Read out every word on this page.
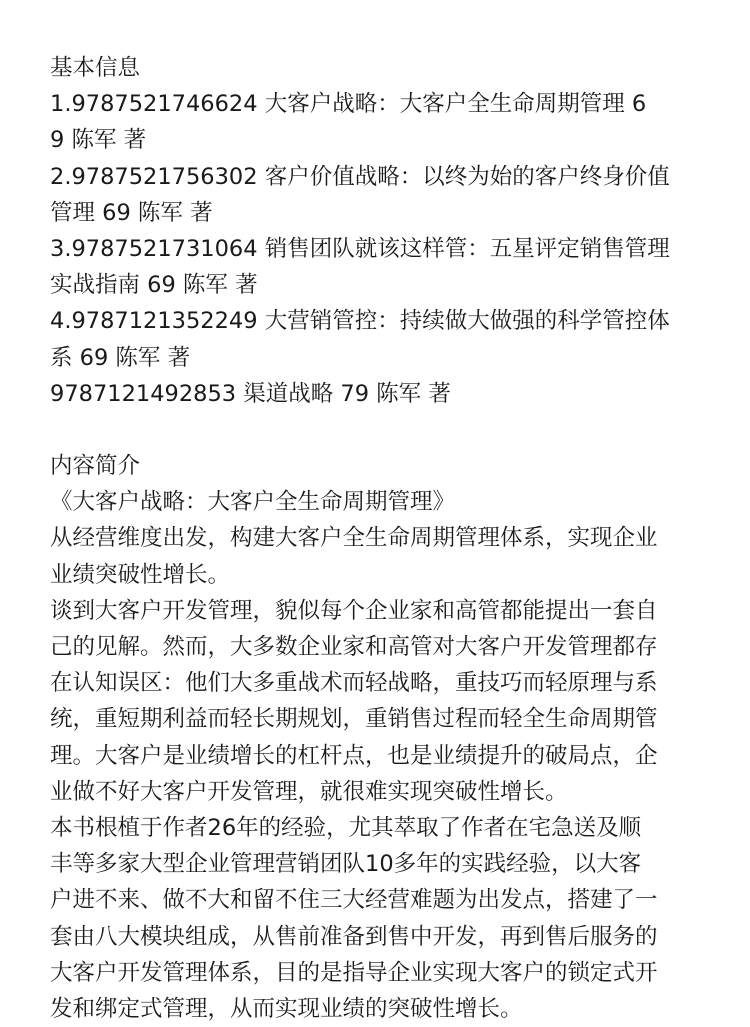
基本信息
1.9787521746624 大客户战略：大客户全生命周期管理 6
9 陈军 著
2.9787521756302 客户价值战略：以终为始的客户终身价值
管理 69 陈军 著
3.9787521731064 销售团队就该这样管：五星评定销售管理
实战指南 69 陈军 著
4.9787121352249 大营销管控：持续做大做强的科学管控体
系 69 陈军 著
9787121492853 渠道战略 79 陈军 著
内容简介
《大客户战略：大客户全生命周期管理》
从经营维度出发，构建大客户全生命周期管理体系，实现企业
业绩突破性增长。
谈到大客户开发管理，貌似每个企业家和高管都能提出一套自
己的见解。然而，大多数企业家和高管对大客户开发管理都存
在认知误区：他们大多重战术而轻战略，重技巧而轻原理与系
统，重短期利益而轻长期规划，重销售过程而轻全生命周期管
理。大客户是业绩增长的杠杆点，也是业绩提升的破局点，企
业做不好大客户开发管理，就很难实现突破性增长。
本书根植于作者26年的经验，尤其萃取了作者在宅急送及顺
丰等多家大型企业管理营销团队10多年的实践经验，以大客
户进不来、做不大和留不住三大经营难题为出发点，搭建了一
套由八大模块组成，从售前准备到售中开发，再到售后服务的
大客户开发管理体系，目的是指导企业实现大客户的锁定式开
发和绑定式管理，从而实现业绩的突破性增长。
